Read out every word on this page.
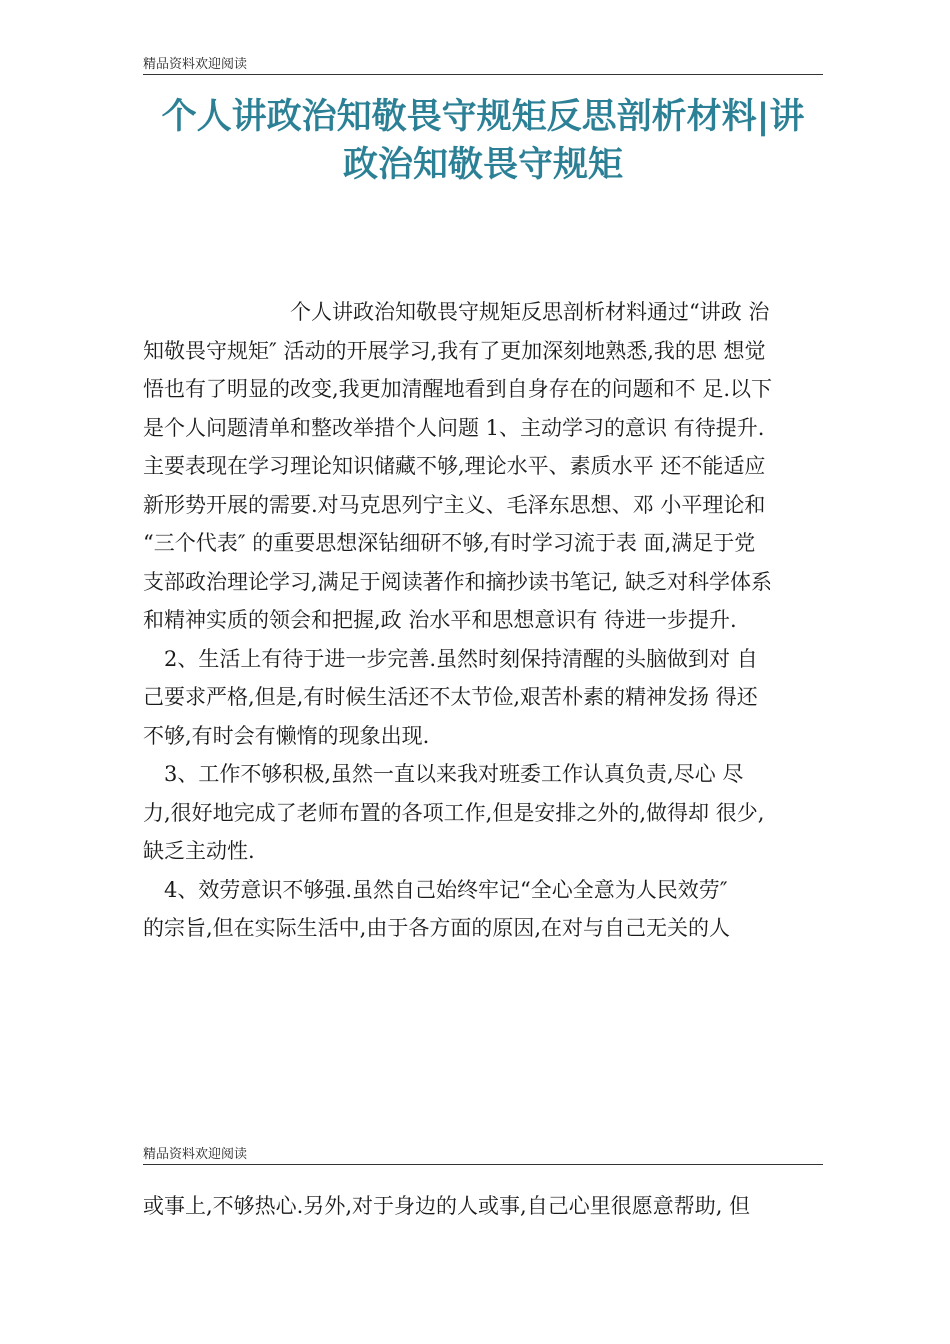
精品资料欢迎阅读
个人讲政治知敬畏守规矩反思剖析材料|讲
政治知敬畏守规矩
　　　　　　　个人讲政治知敬畏守规矩反思剖析材料通过“讲政 治
知敬畏守规矩″ 活动的开展学习,我有了更加深刻地熟悉,我的思 想觉
悟也有了明显的改变,我更加清醒地看到自身存在的问题和不 足.以下
是个人问题清单和整改举措个人问题 1、主动学习的意识 有待提升.
主要表现在学习理论知识储藏不够,理论水平、素质水平 还不能适应
新形势开展的需要.对马克思列宁主义、毛泽东思想、邓 小平理论和
“三个代表″ 的重要思想深钻细研不够,有时学习流于表 面,满足于党
支部政治理论学习,满足于阅读著作和摘抄读书笔记, 缺乏对科学体系
和精神实质的领会和把握,政 治水平和思想意识有 待进一步提升.
　2、生活上有待于进一步完善.虽然时刻保持清醒的头脑做到对 自
己要求严格,但是,有时候生活还不太节俭,艰苦朴素的精神发扬 得还
不够,有时会有懒惰的现象出现.
　3、工作不够积极,虽然一直以来我对班委工作认真负责,尽心 尽
力,很好地完成了老师布置的各项工作,但是安排之外的,做得却 很少,
缺乏主动性.
　4、效劳意识不够强.虽然自己始终牢记“全心全意为人民效劳″
的宗旨,但在实际生活中,由于各方面的原因,在对与自己无关的人
精品资料欢迎阅读
或事上,不够热心.另外,对于身边的人或事,自己心里很愿意帮助, 但
